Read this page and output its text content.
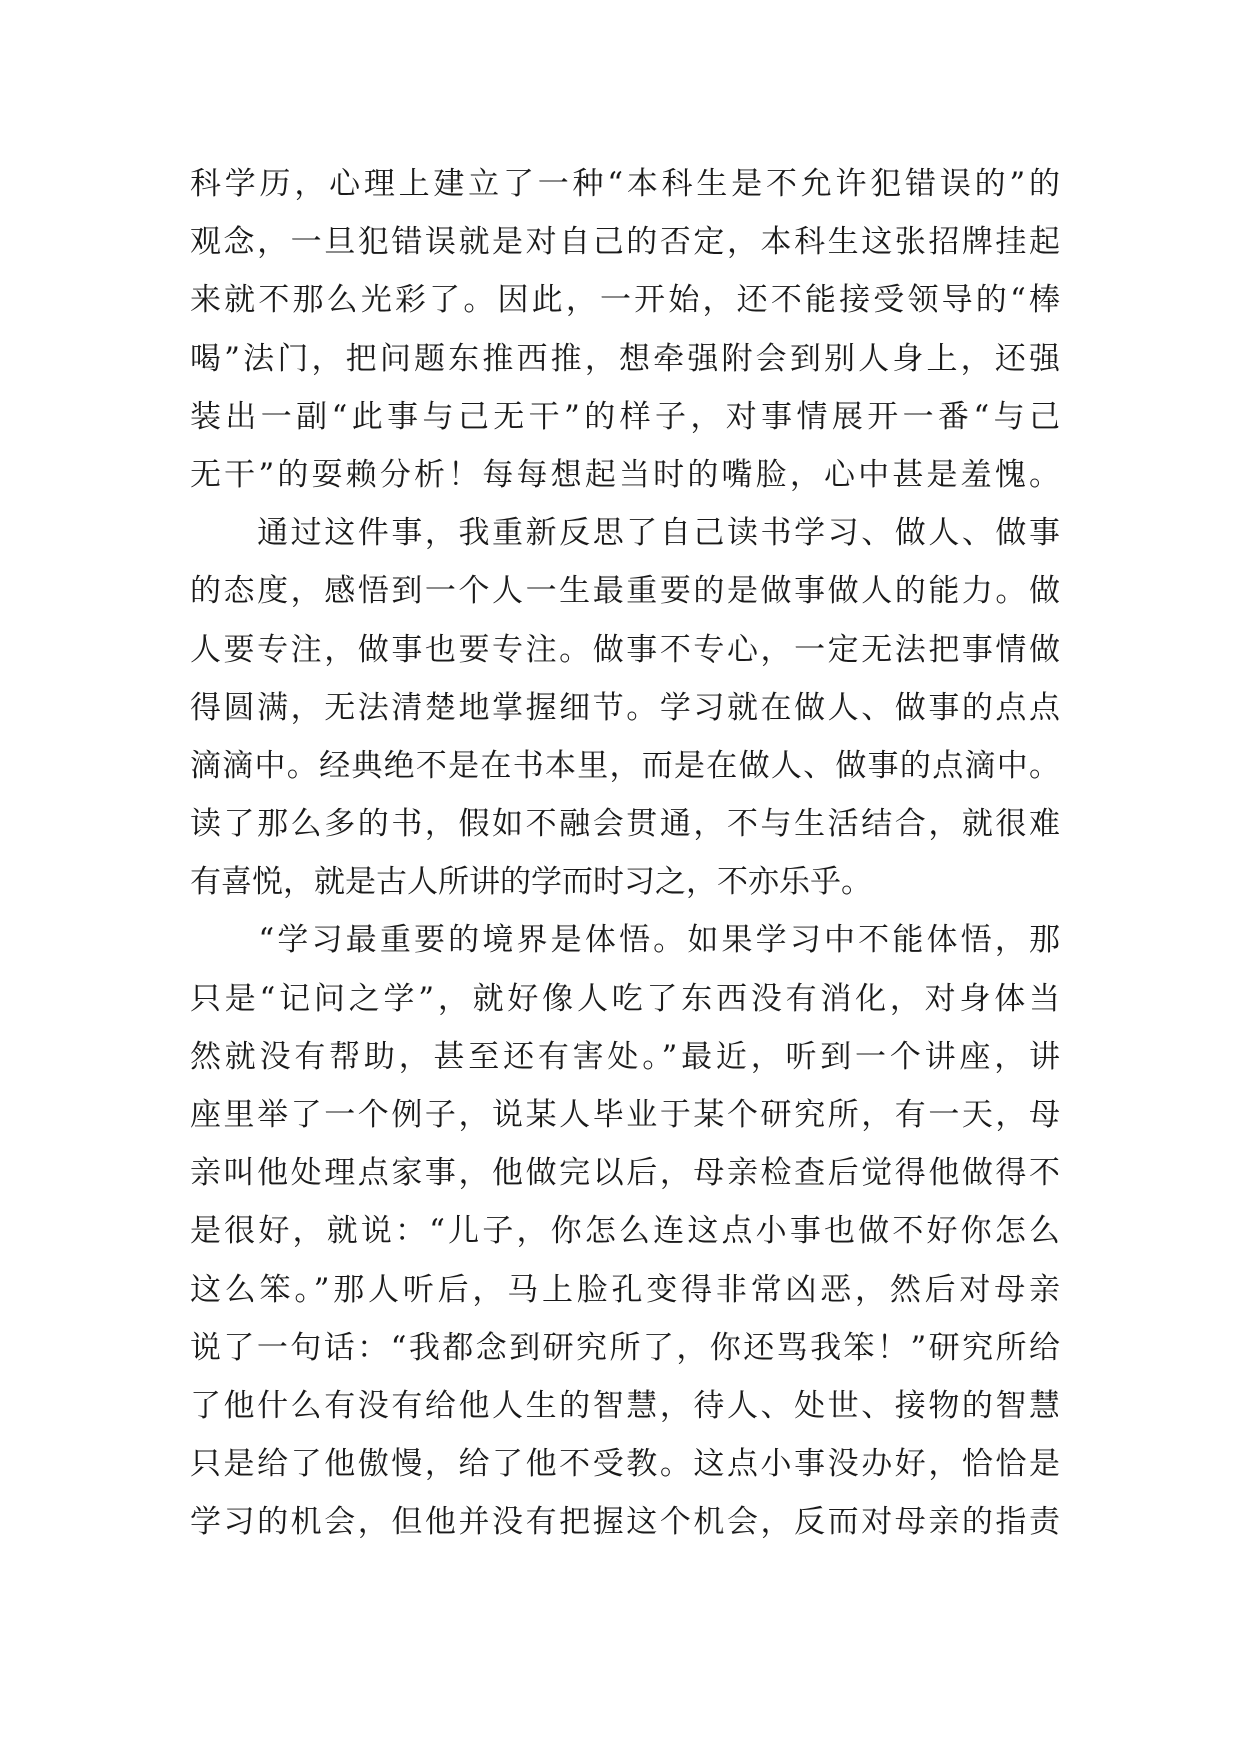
科学历，心理上建立了一种“本科生是不允许犯错误的”的
观念，一旦犯错误就是对自己的否定，本科生这张招牌挂起
来就不那么光彩了。因此，一开始，还不能接受领导的“棒
喝”法门，把问题东推西推，想牵强附会到别人身上，还强
装出一副“此事与己无干”的样子，对事情展开一番“与己
无干”的耍赖分析！每每想起当时的嘴脸，心中甚是羞愧。
　　通过这件事，我重新反思了自己读书学习、做人、做事
的态度，感悟到一个人一生最重要的是做事做人的能力。做
人要专注，做事也要专注。做事不专心，一定无法把事情做
得圆满，无法清楚地掌握细节。学习就在做人、做事的点点
滴滴中。经典绝不是在书本里，而是在做人、做事的点滴中。
读了那么多的书，假如不融会贯通，不与生活结合，就很难
有喜悦，就是古人所讲的学而时习之，不亦乐乎。
　　“学习最重要的境界是体悟。如果学习中不能体悟，那
只是“记问之学”，就好像人吃了东西没有消化，对身体当
然就没有帮助，甚至还有害处。”最近，听到一个讲座，讲
座里举了一个例子，说某人毕业于某个研究所，有一天，母
亲叫他处理点家事，他做完以后，母亲检查后觉得他做得不
是很好，就说：“儿子，你怎么连这点小事也做不好你怎么
这么笨。”那人听后，马上脸孔变得非常凶恶，然后对母亲
说了一句话：“我都念到研究所了，你还骂我笨！”研究所给
了他什么有没有给他人生的智慧，待人、处世、接物的智慧
只是给了他傲慢，给了他不受教。这点小事没办好，恰恰是
学习的机会，但他并没有把握这个机会，反而对母亲的指责
